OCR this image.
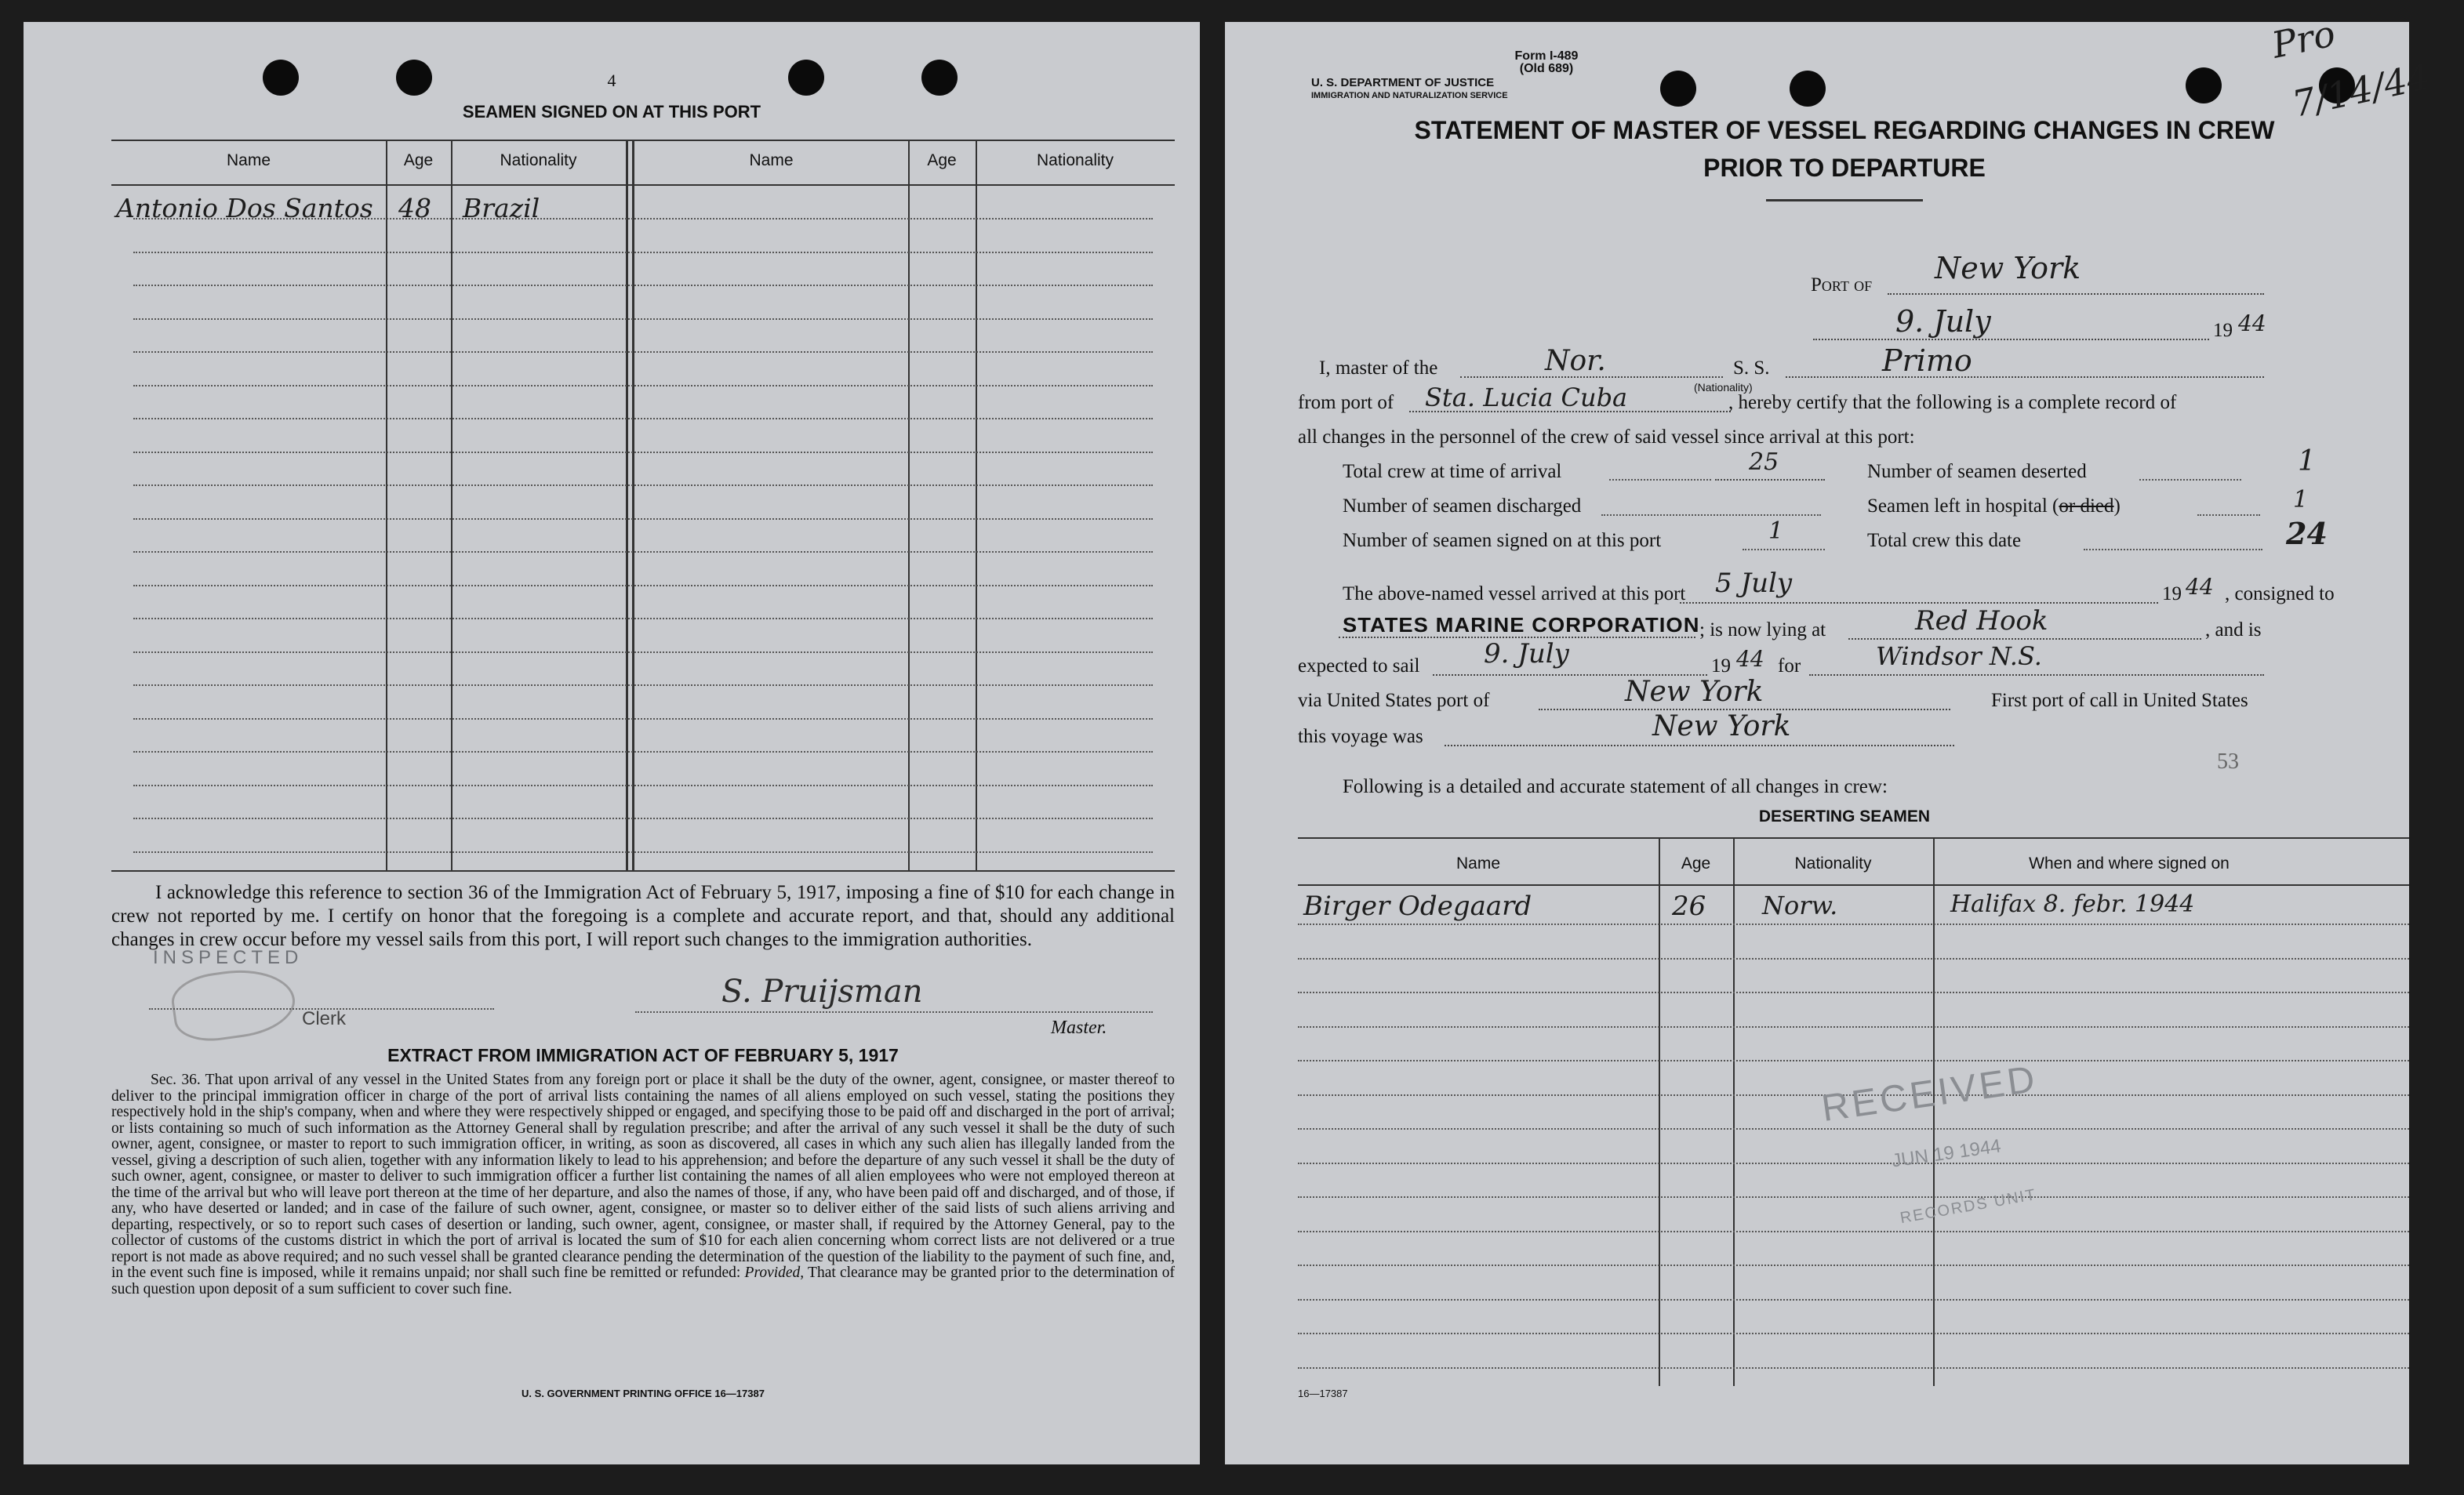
4
SEAMEN SIGNED ON AT THIS PORT
Name	Age	Nationality	Name	Age	Nationality
Antonio Dos Santos 48 Brazil
I acknowledge this reference to section 36 of the Immigration Act of February 5, 1917, imposing a fine of $10 for each change in crew not reported by me. I certify on honor that the foregoing is a complete and accurate report, and that, should any additional changes in crew occur before my vessel sails from this port, I will report such changes to the immigration authorities.
INSPECTED
Clerk
S. Pruijsman
Master.
EXTRACT FROM IMMIGRATION ACT OF FEBRUARY 5, 1917
Sec. 36. That upon arrival of any vessel in the United States from any foreign port or place it shall be the duty of the owner, agent, consignee, or master thereof to deliver to the principal immigration officer in charge of the port of arrival lists containing the names of all aliens employed on such vessel, stating the positions they respectively hold in the ship's company, when and where they were respectively shipped or engaged, and specifying those to be paid off and discharged in the port of arrival; or lists containing so much of such information as the Attorney General shall by regulation prescribe; and after the arrival of any such vessel it shall be the duty of such owner, agent, consignee, or master to report to such immigration officer, in writing, as soon as discovered, all cases in which any such alien has illegally landed from the vessel, giving a description of such alien, together with any information likely to lead to his apprehension; and before the departure of any such vessel it shall be the duty of such owner, agent, consignee, or master to deliver to such immigration officer a further list containing the names of all alien employees who were not employed thereon at the time of the arrival but who will leave port thereon at the time of her departure, and also the names of those, if any, who have been paid off and discharged, and of those, if any, who have deserted or landed; and in case of the failure of such owner, agent, consignee, or master so to deliver either of the said lists of such aliens arriving and departing, respectively, or so to report such cases of desertion or landing, such owner, agent, consignee, or master shall, if required by the Attorney General, pay to the collector of customs of the customs district in which the port of arrival is located the sum of $10 for each alien concerning whom correct lists are not delivered or a true report is not made as above required; and no such vessel shall be granted clearance pending the determination of the question of the liability to the payment of such fine, and, in the event such fine is imposed, while it remains unpaid; nor shall such fine be remitted or refunded: Provided, That clearance may be granted prior to the determination of such question upon deposit of a sum sufficient to cover such fine.
U. S. GOVERNMENT PRINTING OFFICE 16—17387
Form I-489
(Old 689)
U. S. DEPARTMENT OF JUSTICE
IMMIGRATION AND NATURALIZATION SERVICE
Pro
7/14/44
STATEMENT OF MASTER OF VESSEL REGARDING CHANGES IN CREW
PRIOR TO DEPARTURE
Port of New York
9. July	19 44
I, master of the	Nor.
(Nationality)
S. S.	Primo
from port of Sta. Lucia Cuba	, hereby certify that the following is a complete record of
all changes in the personnel of the crew of said vessel since arrival at this port:
Total crew at time of arrival	25	Number of seamen deserted	1
Number of seamen discharged	Seamen left in hospital (or died)	1
Number of seamen signed on at this port	1	Total crew this date	24
The above-named vessel arrived at this port 5 July	19 44 , consigned to
STATES MARINE CORPORATION ; is now lying at	Red Hook	, and is
expected to sail 9. July	19 44 for	Windsor N.S.
via United States port of	New York	First port of call in United States
this voyage was	New York
53
Following is a detailed and accurate statement of all changes in crew:
DESERTING SEAMEN
Name	Age	Nationality	When and where signed on
Birger Odegaard	26 Norw.	Halifax 8. febr. 1944
RECEIVED
JUN 19 1944
RECORDS UNIT
16—17387
